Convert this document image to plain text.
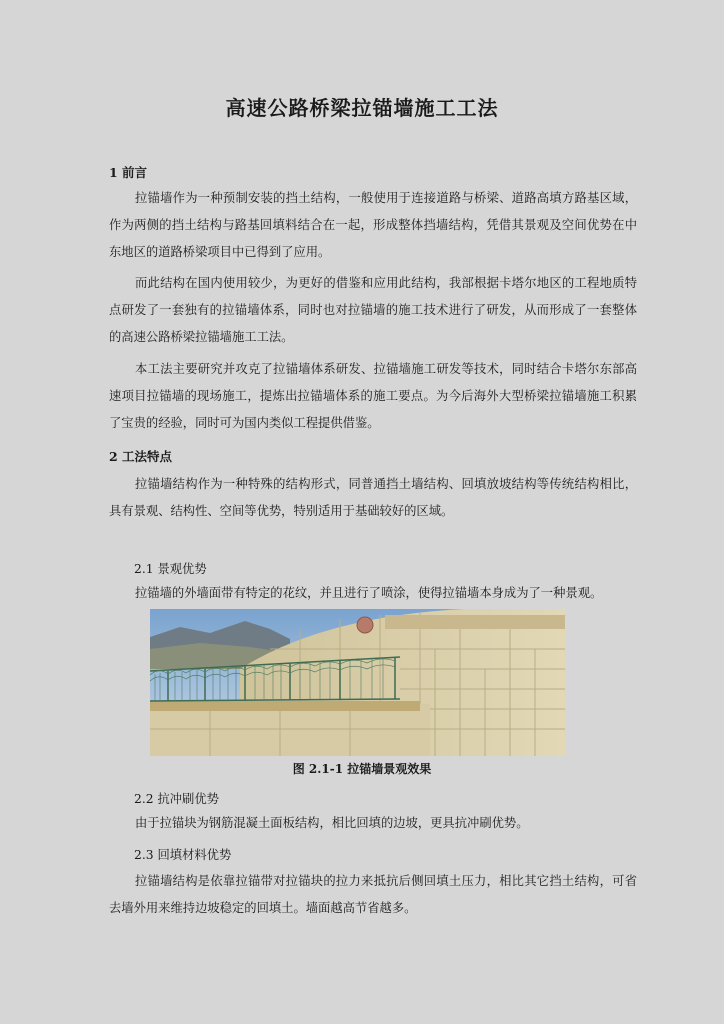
高速公路桥梁拉锚墙施工工法
1 前言
拉锚墙作为一种预制安装的挡土结构，一般使用于连接道路与桥梁、道路高填方路基区域，作为两侧的挡土结构与路基回填料结合在一起，形成整体挡墙结构，凭借其景观及空间优势在中东地区的道路桥梁项目中已得到了应用。
而此结构在国内使用较少，为更好的借鉴和应用此结构，我部根据卡塔尔地区的工程地质特点研发了一套独有的拉锚墙体系，同时也对拉锚墙的施工技术进行了研发，从而形成了一套整体的高速公路桥梁拉锚墙施工工法。
本工法主要研究并攻克了拉锚墙体系研发、拉锚墙施工研发等技术，同时结合卡塔尔东部高速项目拉锚墙的现场施工，提炼出拉锚墙体系的施工要点。为今后海外大型桥梁拉锚墙施工积累了宝贵的经验，同时可为国内类似工程提供借鉴。
2 工法特点
拉锚墙结构作为一种特殊的结构形式，同普通挡土墙结构、回填放坡结构等传统结构相比，具有景观、结构性、空间等优势，特别适用于基础较好的区域。
2.1 景观优势
拉锚墙的外墙面带有特定的花纹，并且进行了喷涂，使得拉锚墙本身成为了一种景观。
图 2.1-1 拉锚墙景观效果
2.2 抗冲刷优势
由于拉锚块为钢筋混凝土面板结构，相比回填的边坡，更具抗冲刷优势。
2.3 回填材料优势
拉锚墙结构是依靠拉锚带对拉锚块的拉力来抵抗后侧回填土压力，相比其它挡土结构，可省去墙外用来维持边坡稳定的回填土。墙面越高节省越多。
